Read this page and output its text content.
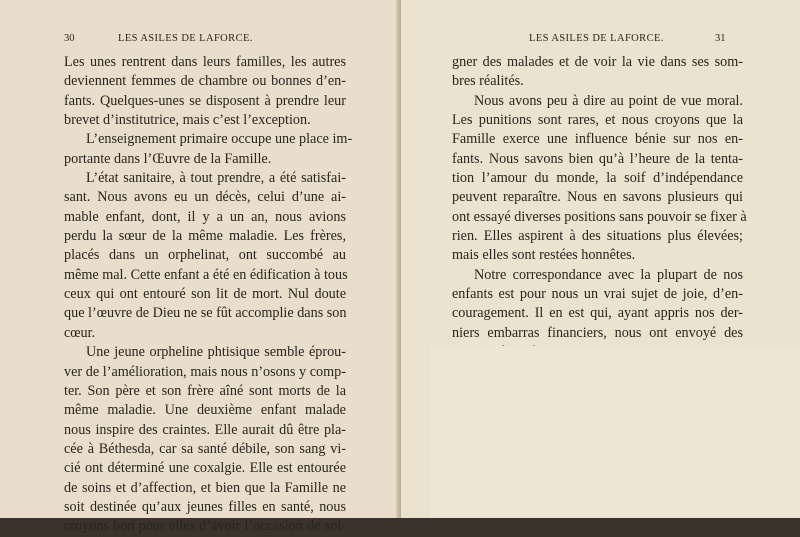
30	LES ASILES DE LAFORCE.
Les unes rentrent dans leurs familles, les autres
deviennent femmes de chambre ou bonnes d’en-
fants. Quelques-unes se disposent à prendre leur
brevet d’institutrice, mais c’est l’exception.
L’enseignement primaire occupe une place im-
portante dans l’Œuvre de la Famille.
L’état sanitaire, à tout prendre, a été satisfai-
sant. Nous avons eu un décès, celui d’une ai-
mable enfant, dont, il y a un an, nous avions
perdu la sœur de la même maladie. Les frères,
placés dans un orphelinat, ont succombé au
même mal. Cette enfant a été en édification à tous
ceux qui ont entouré son lit de mort. Nul doute
que l’œuvre de Dieu ne se fût accomplie dans son
cœur.
Une jeune orpheline phtisique semble éprou-
ver de l’amélioration, mais nous n’osons y comp-
ter. Son père et son frère aîné sont morts de la
même maladie. Une deuxième enfant malade
nous inspire des craintes. Elle aurait dû être pla-
cée à Béthesda, car sa santé débile, son sang vi-
cié ont déterminé une coxalgie. Elle est entourée
de soins et d’affection, et bien que la Famille ne
soit destinée qu’aux jeunes filles en santé, nous
croyons bon pour elles d’avoir l’occasion de soi-
31
LES ASILES DE LAFORCE.
gner des malades et de voir la vie dans ses som-
bres réalités.
Nous avons peu à dire au point de vue moral.
Les punitions sont rares, et nous croyons que la
Famille exerce une influence bénie sur nos en-
fants. Nous savons bien qu’à l’heure de la tenta-
tion l’amour du monde, la soif d’indépendance
peuvent reparaître. Nous en savons plusieurs qui
ont essayé diverses positions sans pouvoir se fixer à
rien. Elles aspirent à des situations plus élevées;
mais elles sont restées honnêtes.
Notre correspondance avec la plupart de nos
enfants est pour nous un vrai sujet de joie, d’en-
couragement. Il en est qui, ayant appris nos der-
niers embarras financiers, nous ont envoyé des
